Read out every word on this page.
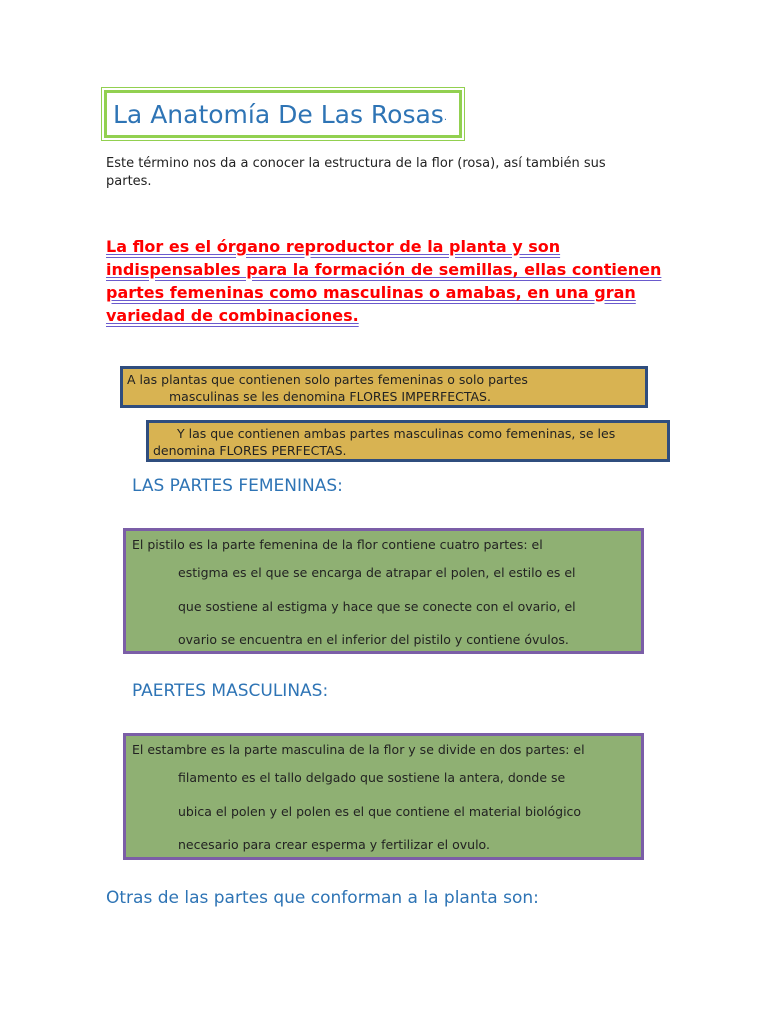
La Anatomía De Las Rosas .
Este término nos da a conocer la estructura de la flor (rosa), así también sus
partes.
La flor es el órgano reproductor de la planta y son
indispensables para la formación de semillas, ellas contienen
partes femeninas como masculinas o amabas, en una gran
variedad de combinaciones.
A las plantas que contienen solo partes femeninas o solo partes
masculinas se les denomina FLORES IMPERFECTAS.
Y las que contienen ambas partes masculinas como femeninas, se les
denomina FLORES PERFECTAS.
LAS PARTES FEMENINAS:
El pistilo es la parte femenina de la flor contiene cuatro partes: el
estigma es el que se encarga de atrapar el polen, el estilo es el
que sostiene al estigma y hace que se conecte con el ovario, el
ovario se encuentra en el inferior del pistilo y contiene óvulos.
PAERTES MASCULINAS:
El estambre es la parte masculina de la flor y se divide en dos partes: el
filamento es el tallo delgado que sostiene la antera, donde se
ubica el polen y el polen es el que contiene el material biológico
necesario para crear esperma y fertilizar el ovulo.
Otras de las partes que conforman a la planta son:
